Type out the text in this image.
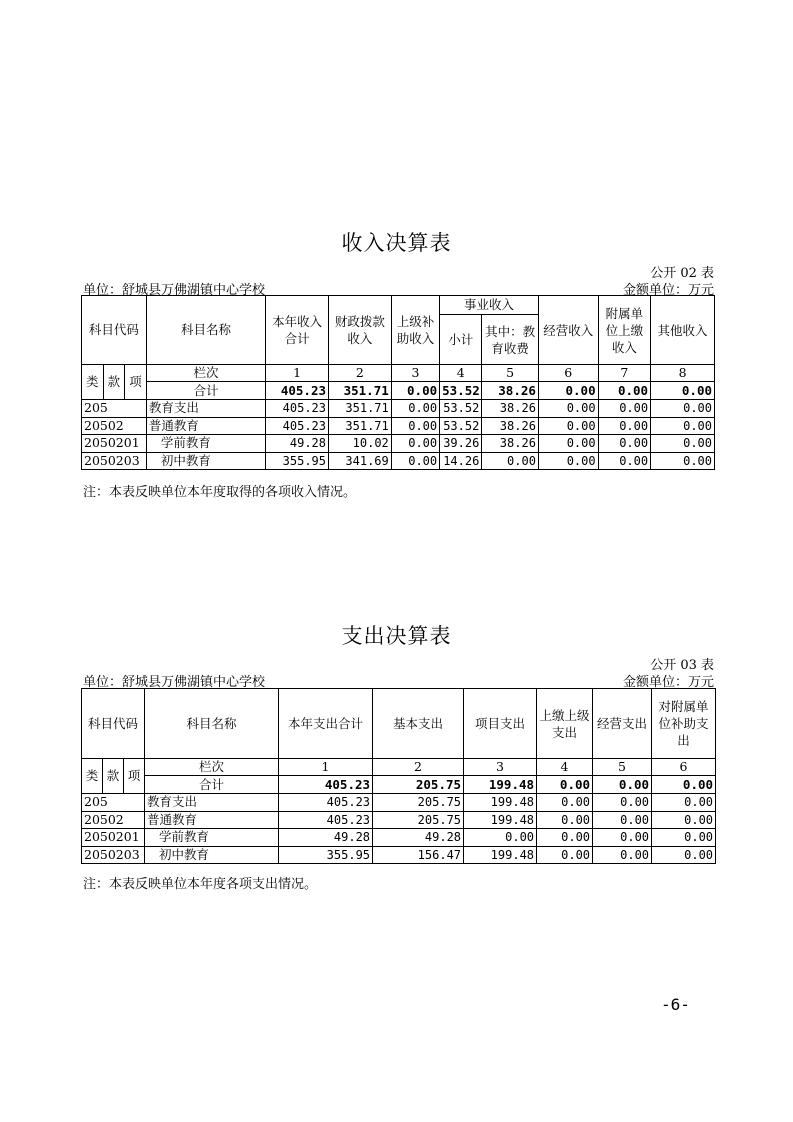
收入决算表
公开 02 表
单位：舒城县万佛湖镇中心学校	金额单位：万元
科目代码			科目名称	本年收入合计	财政拨款收入	上级补助收入	事业收入		经营收入	附属单位上缴收入	其他收入
							小计	其中：教育收费			
类	款	项	栏次	1	2	3	4	5	6	7	8
			合计	405.23	351.71	0.00	53.52	38.26	0.00	0.00	0.00
205			教育支出	405.23	351.71	0.00	53.52	38.26	0.00	0.00	0.00
20502			普通教育	405.23	351.71	0.00	53.52	38.26	0.00	0.00	0.00
2050201			学前教育	49.28	10.02	0.00	39.26	38.26	0.00	0.00	0.00
2050203			初中教育	355.95	341.69	0.00	14.26	0.00	0.00	0.00	0.00
注：本表反映单位本年度取得的各项收入情况。
支出决算表
公开 03 表
单位：舒城县万佛湖镇中心学校	金额单位：万元
科目代码			科目名称	本年支出合计	基本支出	项目支出	上缴上级支出	经营支出	对附属单位补助支出
类	款	项	栏次	1	2	3	4	5	6
			合计	405.23	205.75	199.48	0.00	0.00	0.00
205			教育支出	405.23	205.75	199.48	0.00	0.00	0.00
20502			普通教育	405.23	205.75	199.48	0.00	0.00	0.00
2050201			学前教育	49.28	49.28	0.00	0.00	0.00	0.00
2050203			初中教育	355.95	156.47	199.48	0.00	0.00	0.00
注：本表反映单位本年度各项支出情况。
-6-
